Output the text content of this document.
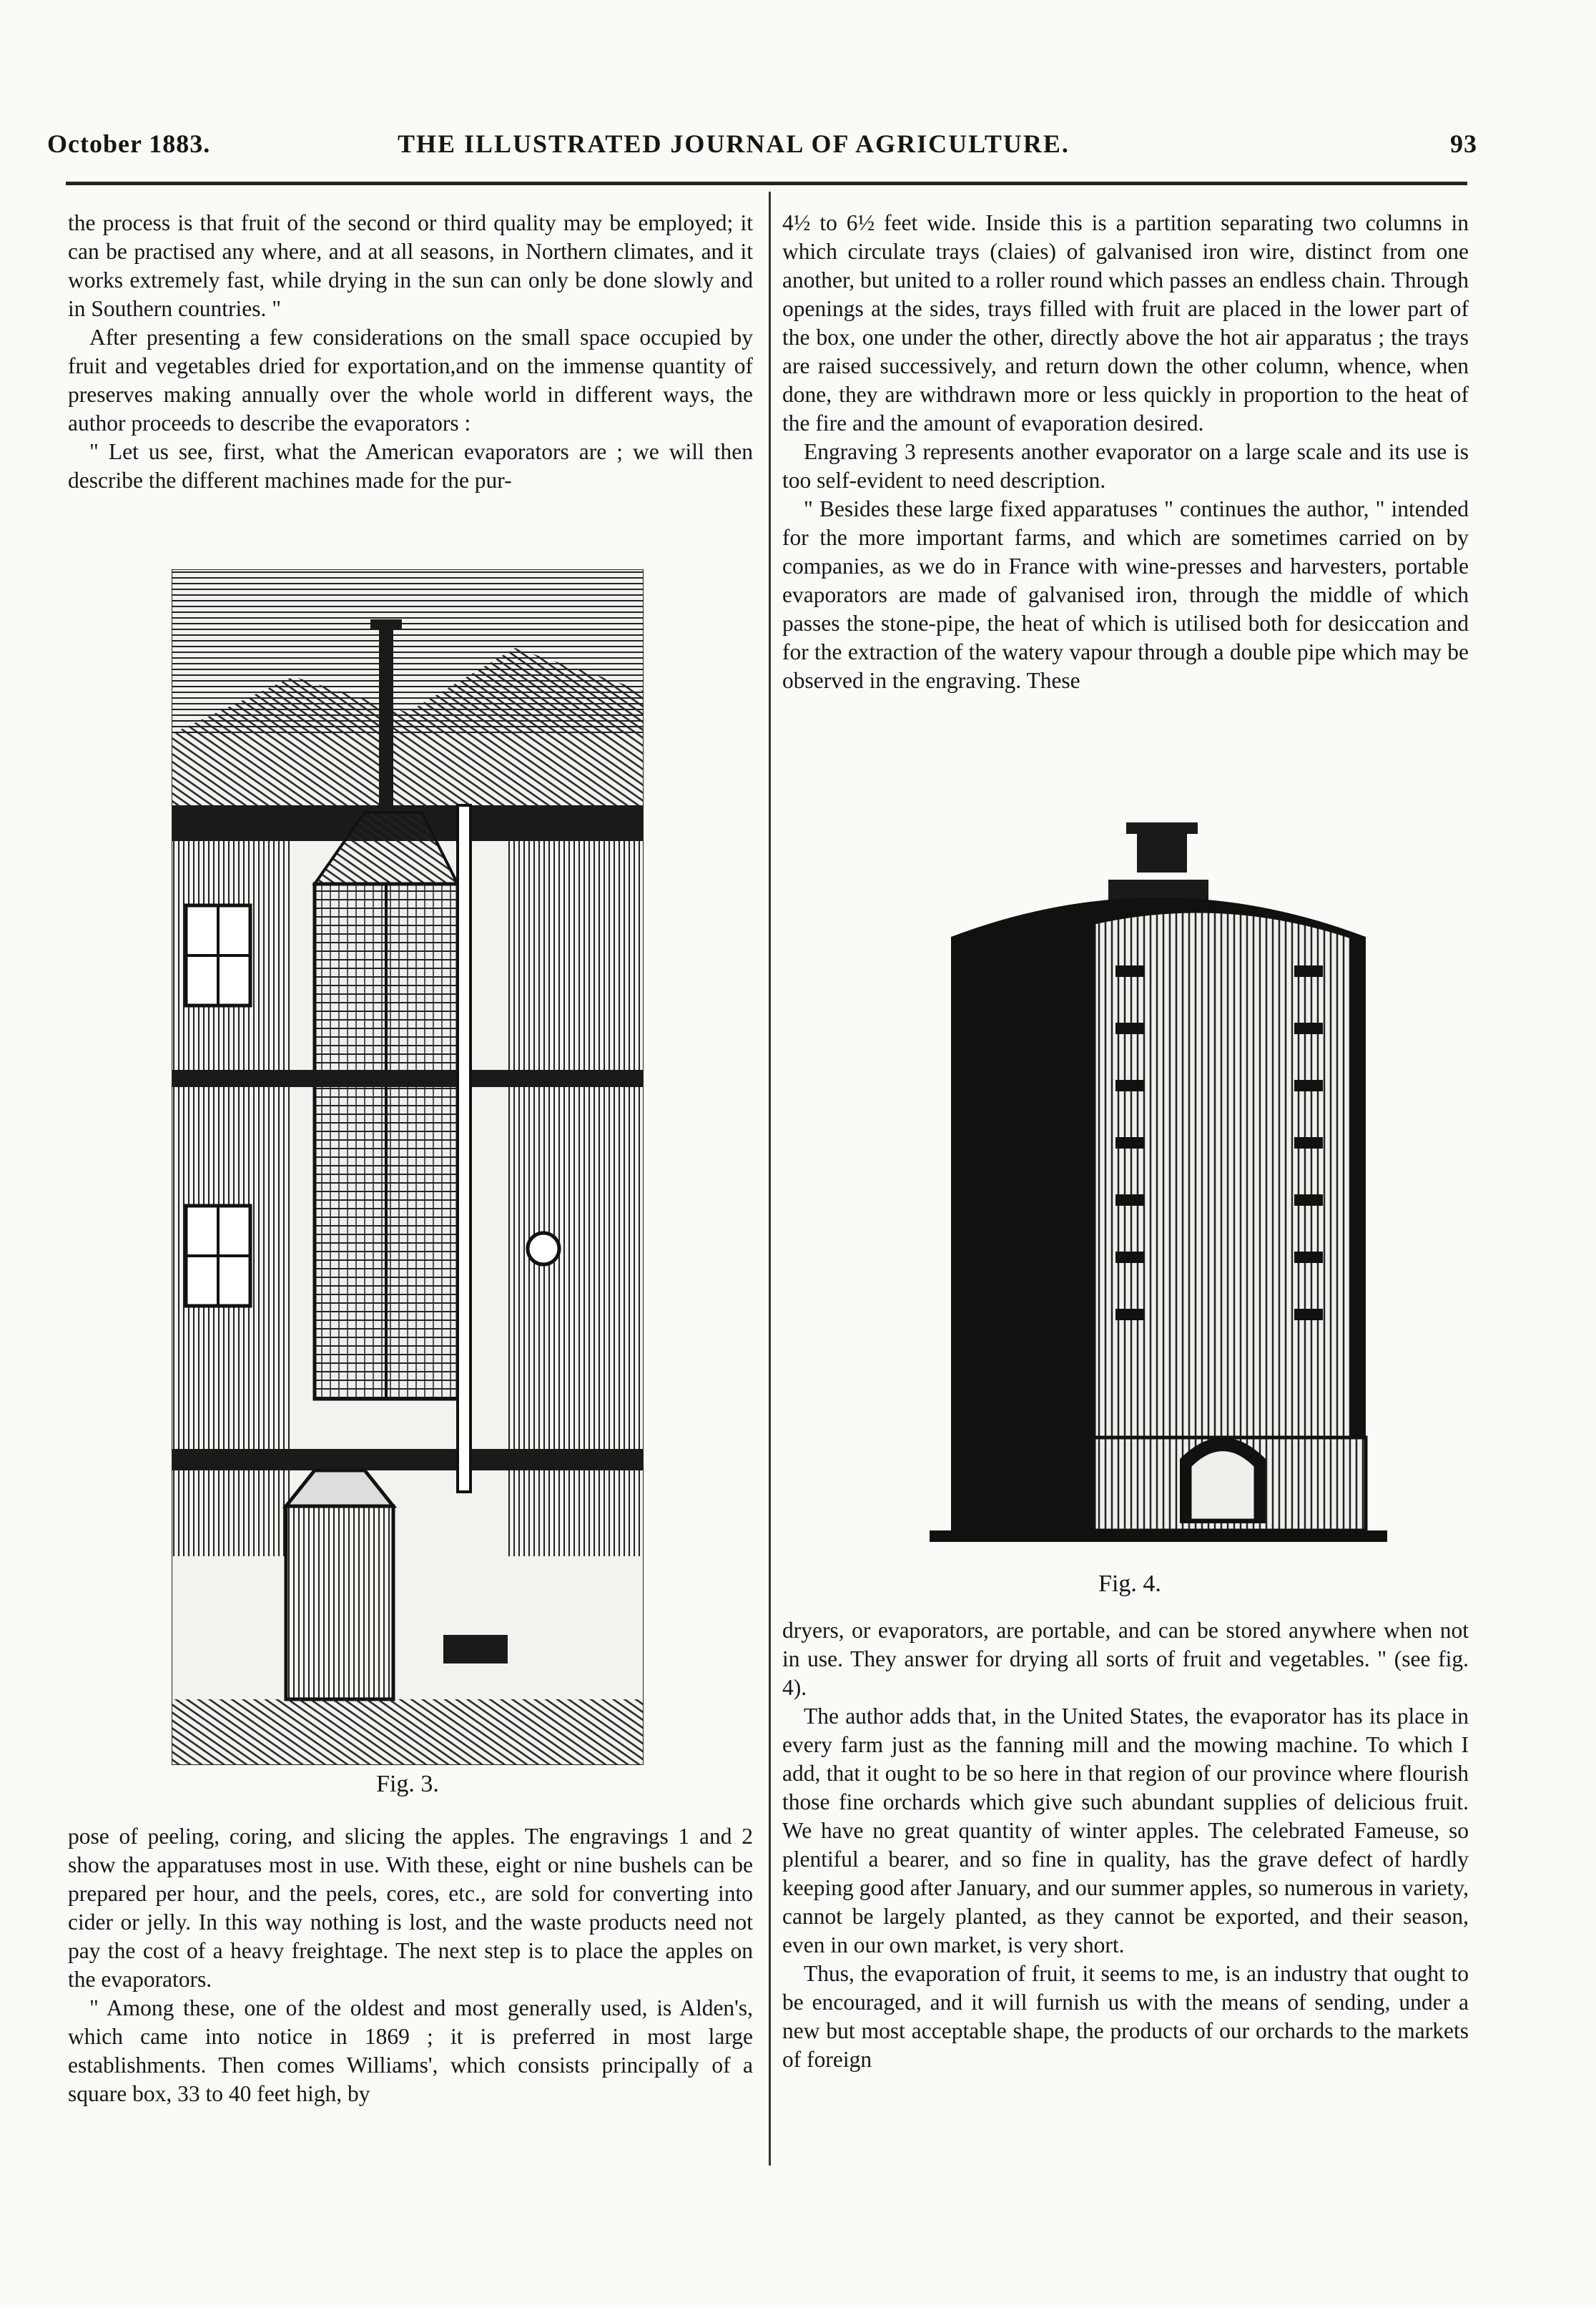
October 1883.	THE ILLUSTRATED JOURNAL OF AGRICULTURE.	93

the process is that fruit of the second or third quality may be employed; it can be practised any where, and at all seasons, in Northern climates, and it works extremely fast, while drying in the sun can only be done slowly and in Southern countries. "

After presenting a few considerations on the small space occupied by fruit and vegetables dried for exportation,and on the immense quantity of preserves making annually over the whole world in different ways, the author proceeds to describe the evaporators :

" Let us see, first, what the American evaporators are ; we will then describe the different machines made for the pur-

Fig. 3.

pose of peeling, coring, and slicing the apples. The engravings 1 and 2 show the apparatuses most in use. With these, eight or nine bushels can be prepared per hour, and the peels, cores, etc., are sold for converting into cider or jelly. In this way nothing is lost, and the waste products need not pay the cost of a heavy freightage. The next step is to place the apples on the evaporators.

" Among these, one of the oldest and most generally used, is Alden's, which came into notice in 1869 ; it is preferred in most large establishments. Then comes Williams', which consists principally of a square box, 33 to 40 feet high, by

4½ to 6½ feet wide. Inside this is a partition separating two columns in which circulate trays (claies) of galvanised iron wire, distinct from one another, but united to a roller round which passes an endless chain. Through openings at the sides, trays filled with fruit are placed in the lower part of the box, one under the other, directly above the hot air apparatus ; the trays are raised successively, and return down the other column, whence, when done, they are withdrawn more or less quickly in proportion to the heat of the fire and the amount of evaporation desired.

Engraving 3 represents another evaporator on a large scale and its use is too self-evident to need description.

" Besides these large fixed apparatuses " continues the author, " intended for the more important farms, and which are sometimes carried on by companies, as we do in France with wine-presses and harvesters, portable evaporators are made of galvanised iron, through the middle of which passes the stone-pipe, the heat of which is utilised both for desiccation and for the extraction of the watery vapour through a double pipe which may be observed in the engraving. These

Fig. 4.

dryers, or evaporators, are portable, and can be stored anywhere when not in use. They answer for drying all sorts of fruit and vegetables. " (see fig. 4).

The author adds that, in the United States, the evaporator has its place in every farm just as the fanning mill and the mowing machine. To which I add, that it ought to be so here in that region of our province where flourish those fine orchards which give such abundant supplies of delicious fruit. We have no great quantity of winter apples. The celebrated Fameuse, so plentiful a bearer, and so fine in quality, has the grave defect of hardly keeping good after January, and our summer apples, so numerous in variety, cannot be largely planted, as they cannot be exported, and their season, even in our own market, is very short.

Thus, the evaporation of fruit, it seems to me, is an industry that ought to be encouraged, and it will furnish us with the means of sending, under a new but most acceptable shape, the products of our orchards to the markets of foreign
